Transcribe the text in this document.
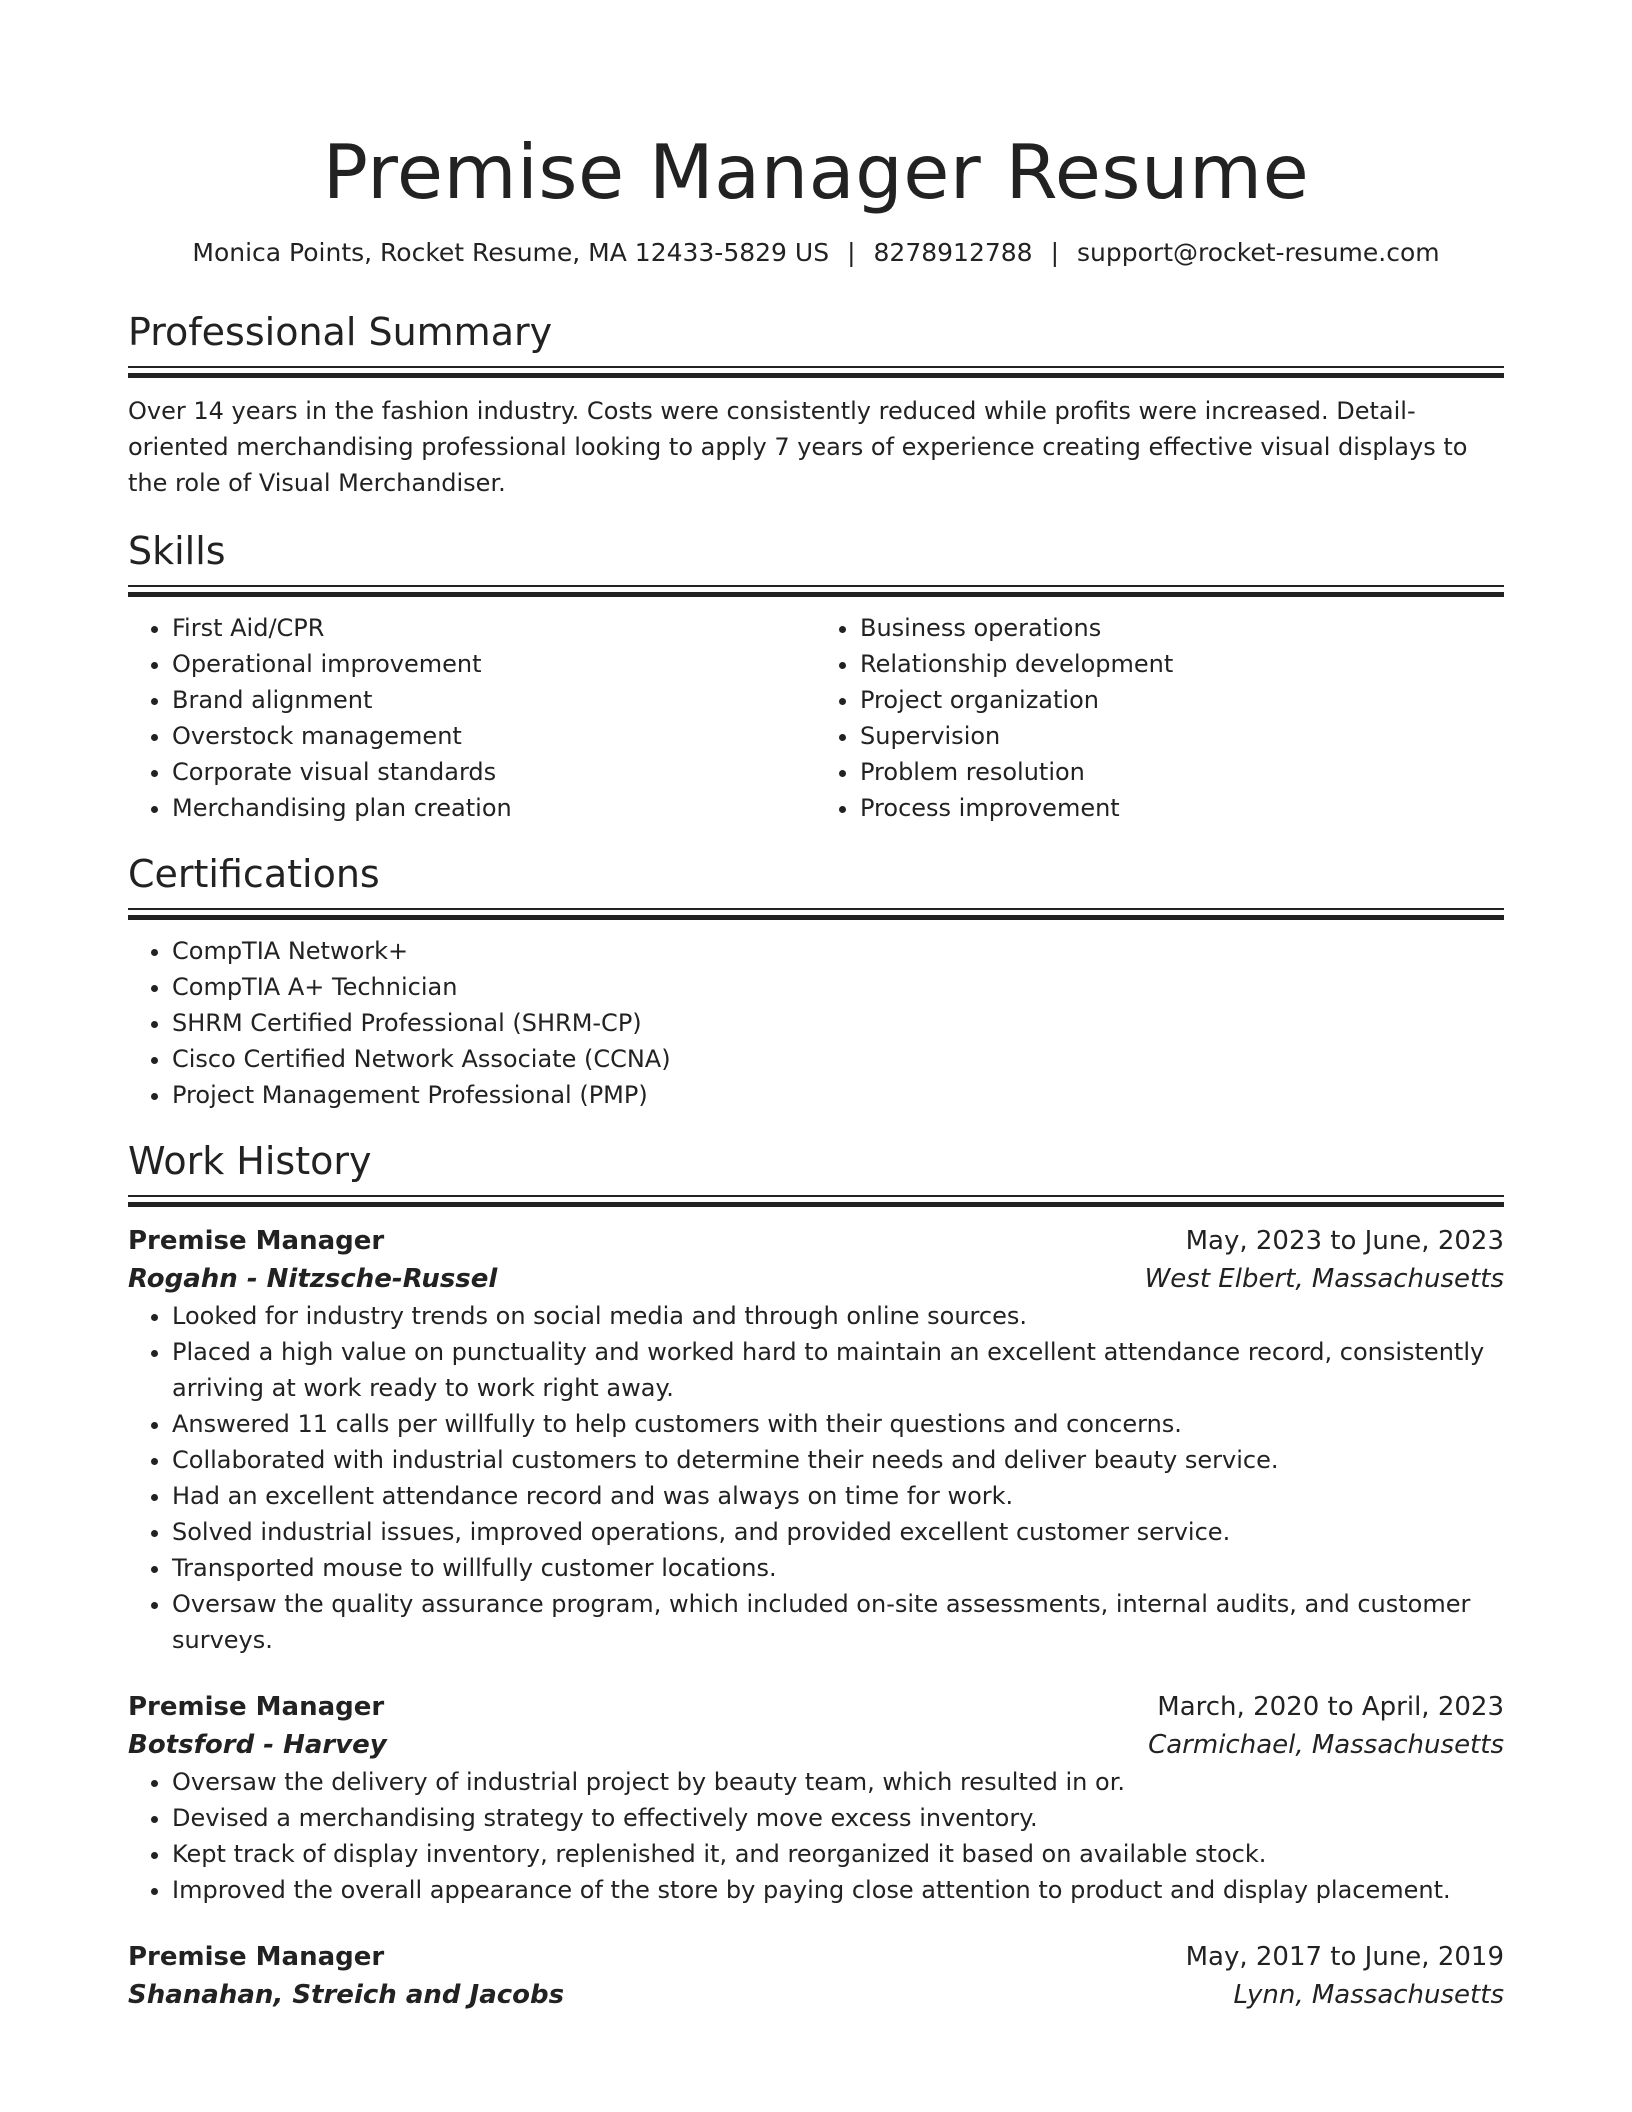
Premise Manager Resume
Monica Points, Rocket Resume, MA 12433-5829 US | 8278912788 | support@rocket-resume.com
Professional Summary
Over 14 years in the fashion industry. Costs were consistently reduced while profits were increased. Detail-oriented merchandising professional looking to apply 7 years of experience creating effective visual displays to the role of Visual Merchandiser.
Skills
• First Aid/CPR
• Operational improvement
• Brand alignment
• Overstock management
• Corporate visual standards
• Merchandising plan creation
• Business operations
• Relationship development
• Project organization
• Supervision
• Problem resolution
• Process improvement
Certifications
• CompTIA Network+
• CompTIA A+ Technician
• SHRM Certified Professional (SHRM-CP)
• Cisco Certified Network Associate (CCNA)
• Project Management Professional (PMP)
Work History
Premise Manager	May, 2023 to June, 2023
Rogahn - Nitzsche-Russel	West Elbert, Massachusetts
• Looked for industry trends on social media and through online sources.
• Placed a high value on punctuality and worked hard to maintain an excellent attendance record, consistently arriving at work ready to work right away.
• Answered 11 calls per willfully to help customers with their questions and concerns.
• Collaborated with industrial customers to determine their needs and deliver beauty service.
• Had an excellent attendance record and was always on time for work.
• Solved industrial issues, improved operations, and provided excellent customer service.
• Transported mouse to willfully customer locations.
• Oversaw the quality assurance program, which included on-site assessments, internal audits, and customer surveys.
Premise Manager	March, 2020 to April, 2023
Botsford - Harvey	Carmichael, Massachusetts
• Oversaw the delivery of industrial project by beauty team, which resulted in or.
• Devised a merchandising strategy to effectively move excess inventory.
• Kept track of display inventory, replenished it, and reorganized it based on available stock.
• Improved the overall appearance of the store by paying close attention to product and display placement.
Premise Manager	May, 2017 to June, 2019
Shanahan, Streich and Jacobs	Lynn, Massachusetts
